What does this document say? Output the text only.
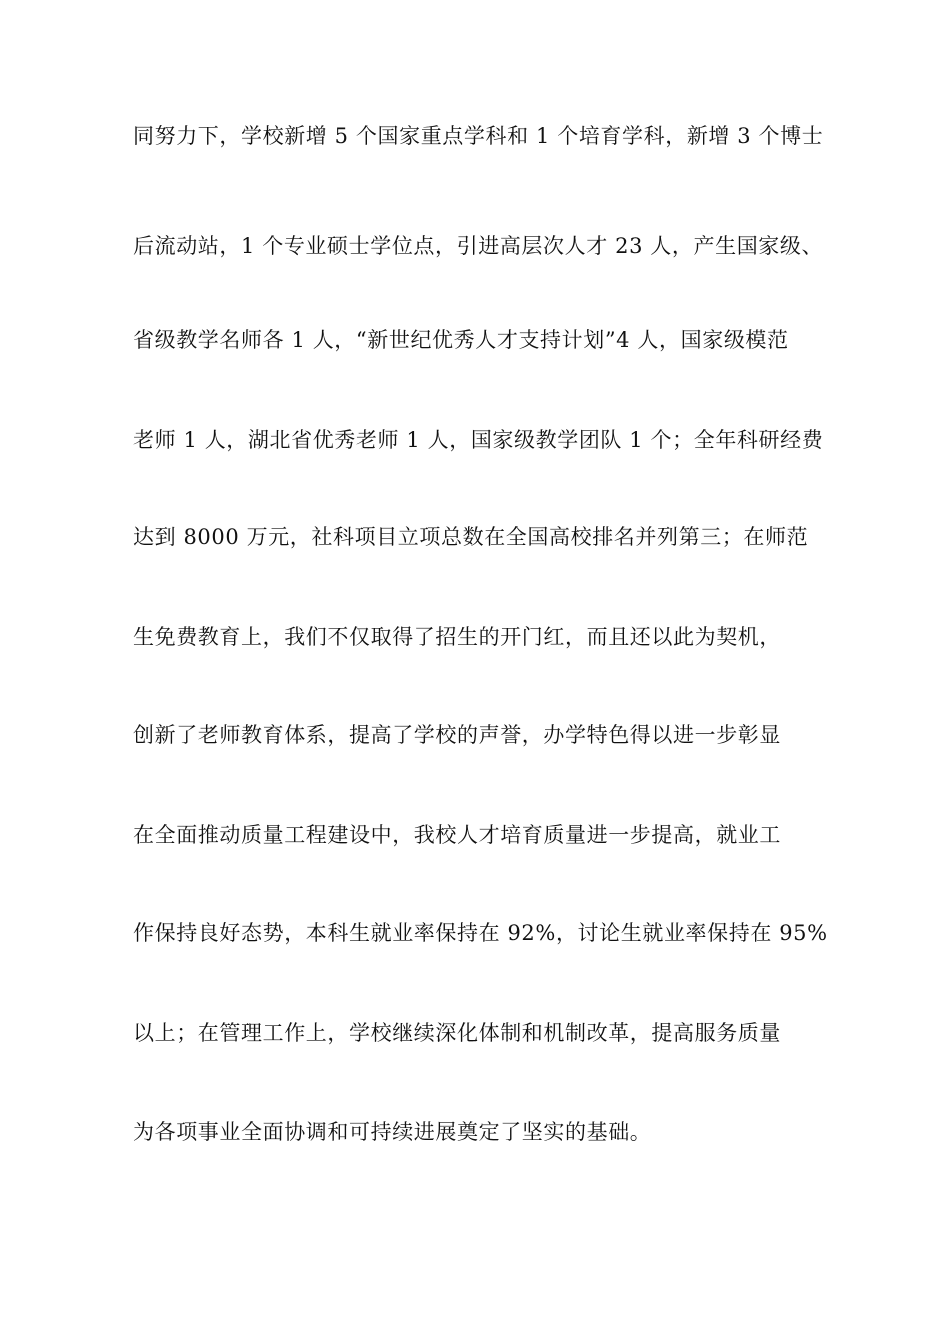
同努力下，学校新增 5 个国家重点学科和 1 个培育学科，新增 3 个博士
后流动站，1 个专业硕士学位点，引进高层次人才 23 人，产生国家级、
省级教学名师各 1 人，“新世纪优秀人才支持计划”4 人，国家级模范
老师 1 人，湖北省优秀老师 1 人，国家级教学团队 1 个；全年科研经费
达到 8000 万元，社科项目立项总数在全国高校排名并列第三；在师范
生免费教育上，我们不仅取得了招生的开门红，而且还以此为契机，
创新了老师教育体系，提高了学校的声誉，办学特色得以进一步彰显
在全面推动质量工程建设中，我校人才培育质量进一步提高，就业工
作保持良好态势，本科生就业率保持在 92%，讨论生就业率保持在 95%
以上；在管理工作上，学校继续深化体制和机制改革，提高服务质量
为各项事业全面协调和可持续进展奠定了坚实的基础。
